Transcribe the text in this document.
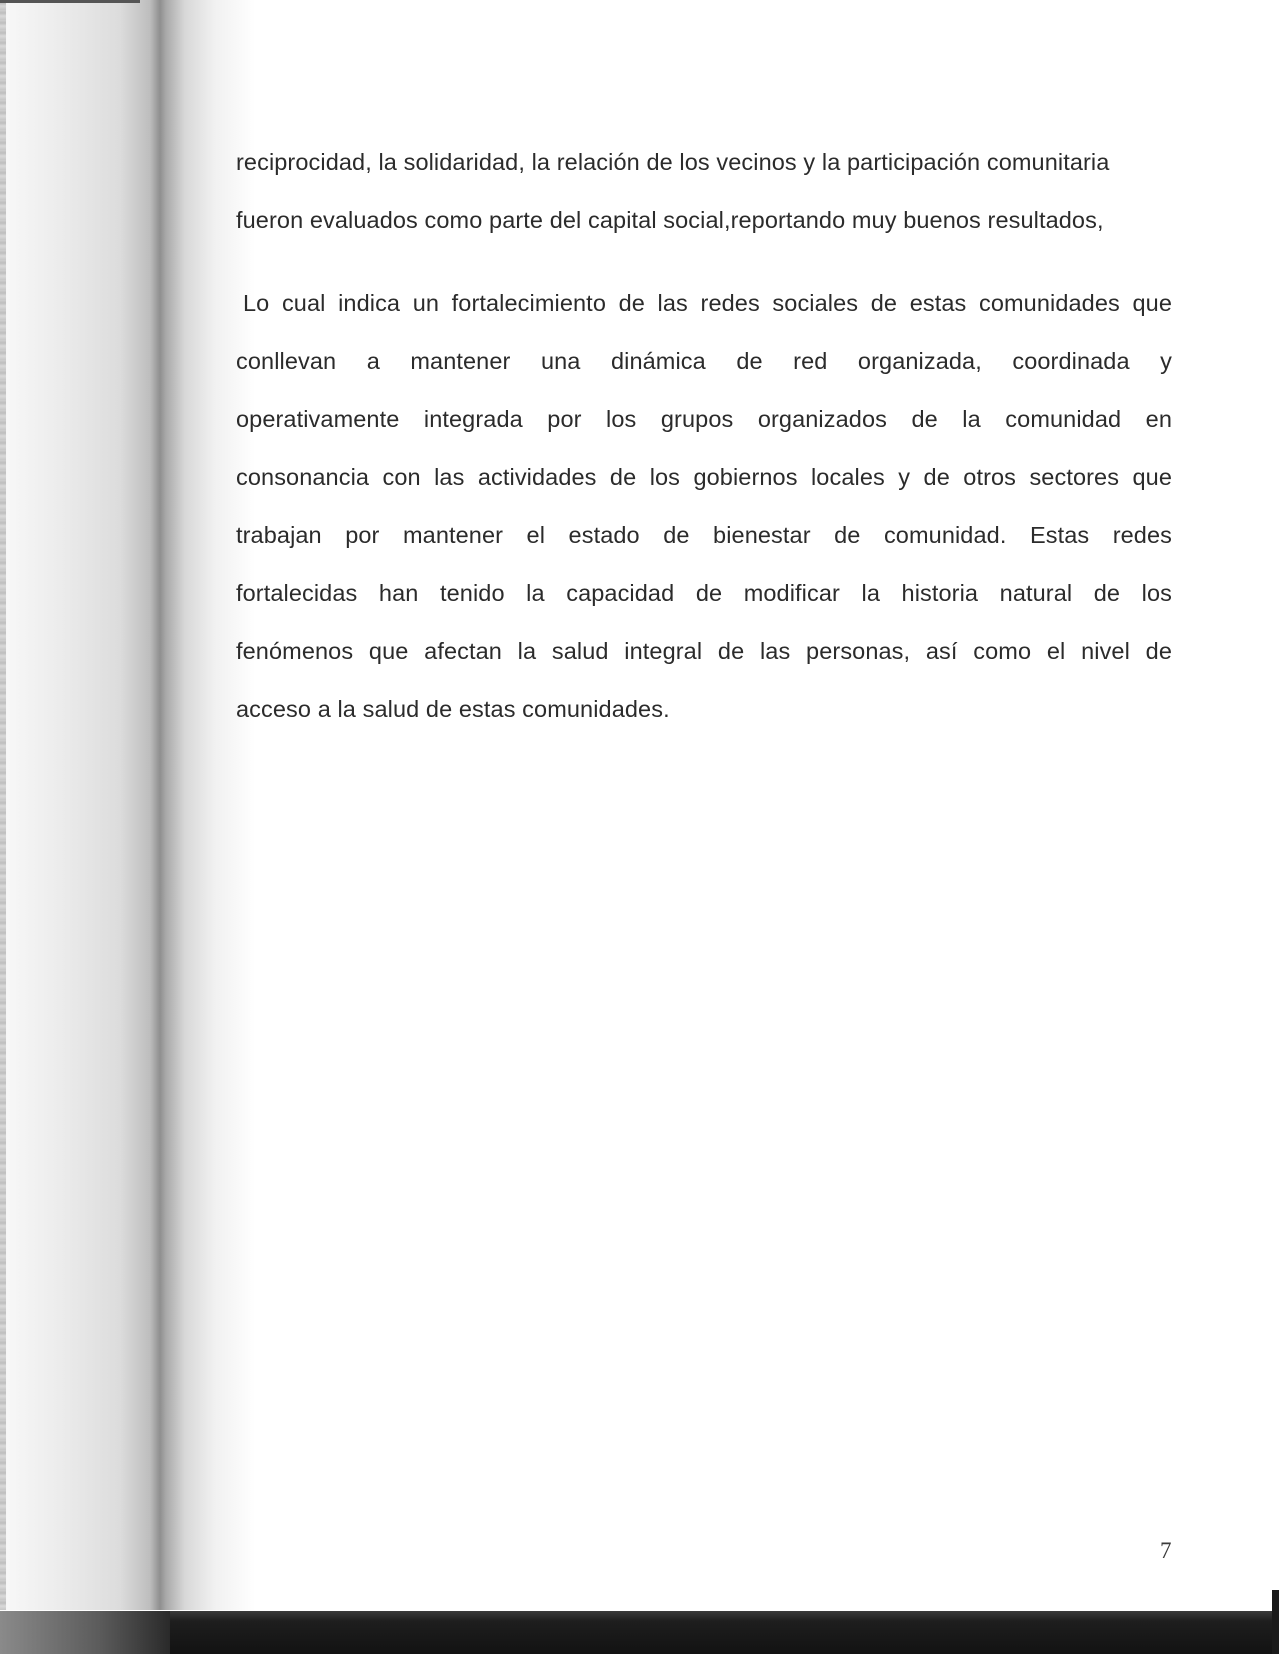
reciprocidad, la solidaridad, la relación de los vecinos y la participación comunitaria
fueron evaluados como parte del capital social,reportando muy buenos resultados,
Lo cual indica un fortalecimiento de las redes sociales de estas comunidades que
conllevan a mantener una dinámica de red organizada, coordinada y
operativamente integrada por los grupos organizados de la comunidad en
consonancia con las actividades de los gobiernos locales y de otros sectores que
trabajan por mantener el estado de bienestar de comunidad. Estas redes
fortalecidas han tenido la capacidad de modificar la historia natural de los
fenómenos que afectan la salud integral de las personas, así como el nivel de
acceso a la salud de estas comunidades.
7
